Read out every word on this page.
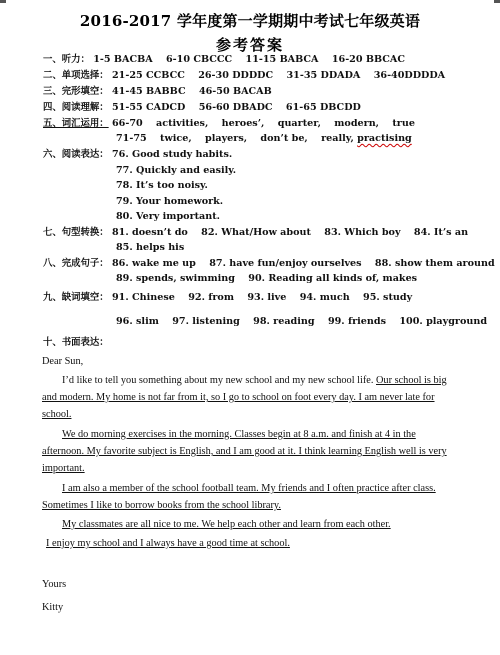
2016-2017 学年度第一学期期中考试七年级英语
参考答案
一、听力： 1-5 BACBA    6-10 CBCCC    11-15 BABCA    16-20 BBCAC
二、单项选择： 21-25 CCBCC    26-30 DDDDC    31-35 DDADA    36-40DDDDA
三、完形填空： 41-45 BABBC    46-50 BACAB
四、阅读理解： 51-55 CADCD    56-60 DBADC    61-65 DBCDD
五、词汇运用： 66-70    activities,    heroes’,    quarter,    modern,    true
71-75    twice,    players,    don’t be,    really, practising
六、阅读表达： 76. Good study habits.
77. Quickly and easily.
78. It’s too noisy.
79. Your homework.
80. Very important.
七、句型转换： 81. doesn’t do    82. What/How about    83. Which boy    84. It’s an
85. helps his
八、完成句子： 86. wake me up    87. have fun/enjoy ourselves    88. show them around
89. spends, swimming    90. Reading all kinds of, makes
九、缺词填空： 91. Chinese    92. from    93. live    94. much    95. study
96. slim    97. listening    98. reading    99. friends    100. playground
十、书面表达：
Dear Sun,
I’d like to tell you something about my new school and my new school life. Our school is big
and modern. My home is not far from it, so I go to school on foot every day. I am never late for
school.
We do morning exercises in the morning. Classes begin at 8 a.m. and finish at 4 in the
afternoon. My favorite subject is English, and I am good at it. I think learning English well is very
important.
I am also a member of the school football team. My friends and I often practice after class.
Sometimes I like to borrow books from the school library.
My classmates are all nice to me. We help each other and learn from each other.
I enjoy my school and I always have a good time at school.
Yours
Kitty
